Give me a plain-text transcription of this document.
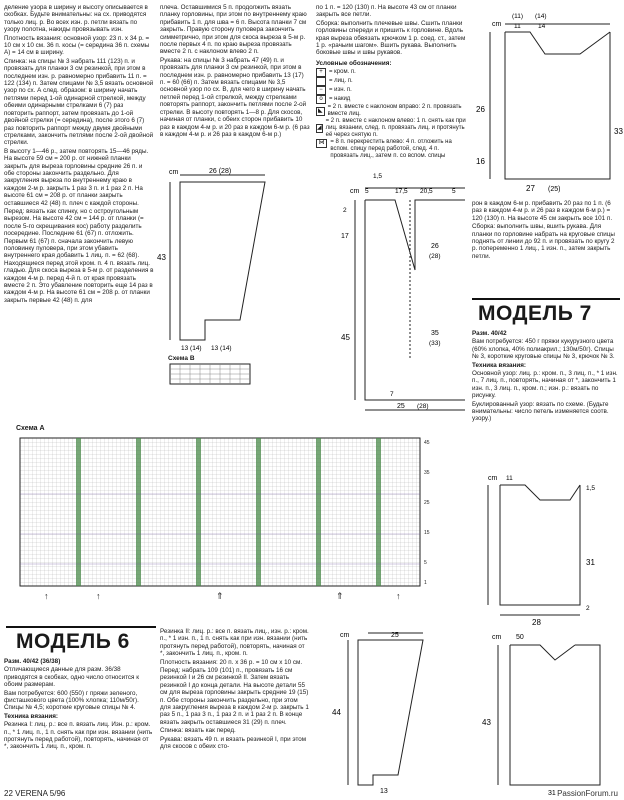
деление узора в ширину и высоту описывается в скобках. Будьте внимательны: на сх. приводятся только лиц. р. Во всех изн. р. петли вязать по узору полотна, накиды провязывать изн.

Плотность вязания: основной узор: 23 п. х 34 р. = 10 см х 10 см. 36 п. косы (= середина 36 п. схемы А) = 14 см в ширину.

Спинка: на спицы № 3 набрать 111 (123) п. и провязать для планки 3 см резинкой, при этом в последнем изн. р. равномерно прибавить 11 п. = 122 (134) п. Затем спицами № 3,5 вязать основной узор по сх. А след. образом: в ширину начать петлями перед 1-ой одинарной стрелкой, между обеими одинарными стрелками 6 (7) раз повторить раппорт, затем провязать до 1-ой двойной стрелки (= середина), после этого 6 (7) раз повторить раппорт между двумя двойными стрелками, закончить петлями после 2-ой двойной стрелки.

В высоту 1—46 р., затем повторять 15—46 ряды. На высоте 59 см = 200 р. от нижней планки закрыть для выреза горловины средние 26 п. и обе стороны закончить раздельно. Для закругления выреза по внутреннему краю в каждом 2-м р. закрыть 1 раз 3 п. и 1 раз 2 п. На высоте 61 см = 208 р. от планки закрыть оставшиеся 42 (48) п. плеч с каждой стороны.

Перед: вязать как спинку, но с остроугольным вырезом. На высоте 42 см = 144 р. от планки (= после 5-го скрещивания кос) работу разделить посередине. Последние 61 (67) п. отложить. Первым 61 (67) п. сначала закончить левую половинку пуловера, при этом убавить внутреннего края добавить 1 лиц. п. = 62 (68). Находящиеся перед этой кром. п. 4 п. вязать лиц. гладью. Для скоса выреза в 5-м р. от разделения в каждом 4-м р. перед 4-й п. от края провязать вместе 2 п. Это убавление повторить еще 14 раз в каждом 4-м р. На высоте 61 см = 208 р. от планки закрыть первые 42 (48) п. для

плеча. Оставшимися 5 п. продолжить вязать планку горловины, при этом по внутреннему краю прибавить 1 п. для шва = 6 п. Высота планки 7 см закрыть. Правую сторону пуловера закончить симметрично, при этом для скоса выреза в 5-м р. после первых 4 п. по краю выреза провязать вместе 2 п. с наклоном влево 2 п.

Рукава: на спицы № 3 набрать 47 (49) п. и провязать для планки 3 см резинкой, при этом в последнем изн. р. равномерно прибавить 13 (17) п. = 60 (66) п. Затем вязать спицами № 3,5 основной узор по сх. В, для чего в ширину начать петлей перед 1-ой стрелкой, между стрелками повторять раппорт, закончить петлями после 2-ой стрелки. В высоту повторять 1—8 р. Для скосов, начиная от планки, с обеих сторон прибавить 10 раз в каждом 4-м р. и 20 раз в каждом 6-м р. (6 раз в каждом 4-м р. и 26 раз в каждом 6-м р.)

по 1 п. = 120 (130) п. На высоте 43 см от планки закрыть все петли.

Сборка: выполнить плечевые швы. Сшить планки горловины спереди и пришить к горловине. Вдоль края выреза обвязать крючком 1 р. соед. ст., затем 1 р. «рачьим шагом». Вшить рукава. Выполнить боковые швы и швы рукавов.

Условные обозначения:
+	= кром. п.
= лиц. п.
−	= изн. п.
o	= накид
◣
= 2 п. вместе с наклоном вправо: 2 п. провязать вместе лиц.
◢
= 2 п. вместе с наклоном влево: 1 п. снять как при лиц. вязании, след. п. провязать лиц. и протянуть её через снятую п.
⋈ = 8 п. перекрестить влево: 4 п. отложить на вспом. спицу перед работой, след. 4 п. провязать лиц., затем п. со вспом. спицы
cm	26 (28)
43
13 (14) 13 (14)
cm
1,5
5	17,5 20,5	5
2
17
26
(28)
45	35
(33)
25 (28)
7
Схема В
Схема А
45
35
25
15
5
1
↑	↑	⇑	⇑	↑
cm
(11) (14)
11	14
26
16
33
27 (25)

рон в каждом 6-м р. прибавить 20 раз по 1 п. (6 раз в каждом 4-м р. и 26 раз в каждом 6-м р.) = 120 (130) п. На высоте 45 см закрыть все 101 п.

Сборка: выполнить швы, вшить рукава. Для планки по горловине набрать на круговые спицы поднять от линии до 92 п. и провязать по кругу 2 р. попеременно 1 лиц., 1 изн. п., затем закрыть петли.

МОДЕЛЬ 7

Разм. 40/42

Вам потребуется: 450 г пряжи кукурузного цвета (60% хлопка, 40% полиакрил.; 130м/50г). Спицы № 3, короткие круговые спицы № 3, крючок № 3.

Техника вязания:

Основной узор: лиц. р.: кром. п., 3 лиц. п., * 1 изн. п., 7 лиц. п., повторять, начиная от *, закончить 1 изн. п., 3 лиц. п., кром. п.; изн. р.: вязать по рисунку.

Буклированный узор: вязать по схеме. (Будьте внимательны: число петель изменяется соотв. узору.)

cm 11
31
1,5
28
2
МОДЕЛЬ 6

Разм. 40/42 (36/38)

Отличающиеся данные для разм. 36/38 приводятся в скобках, одно число относится к обоим размерам.

Вам потребуется: 600 (550) г пряжи зеленого, фисташкового цвета (100% хлопка; 110м/50г). Спицы № 4,5; короткие круговые спицы № 4.

Техника вязания:

Резинка I: лиц. р.: все п. вязать лиц. Изн. р.: кром. п., * 1 лиц. п., 1 п. снять как при изн. вязании (нить протянуть перед работой), повторять, начиная от *, закончить 1 лиц. п., кром. п.

Резинка II: лиц. р.: все п. вязать лиц., изн. р.: кром. п., * 1 изн. п., 1 п. снять как при изн. вязании (нить протянуть перед работой), повторять, начиная от *, закончить 1 лиц. п., кром. п.

Плотность вязания: 20 п. х 36 р. = 10 см х 10 см.

Перед: набрать 109 (101) п., провязать 16 см резинкой I и 26 см резинкой II. Затем вязать резинкой I до конца детали. На высоте детали 55 см для выреза горловины закрыть средние 19 (15) п. Обе стороны закончить раздельно, при этом для закругления выреза в каждом 2-м р. закрыть 1 раз 5 п., 1 раз 3 п., 1 раз 2 п. и 1 раз 2 п. В конце вязать закрыть оставшиеся 31 (29) п. плеч.

Спинка: вязать как перед.

Рукава: вязать 49 п. и вязать резинкой I, при этом для скосов с обеих сто-

cm	25
44
13
cm 50
43
31
22 VERENA 5/96	PassionForum.ru
